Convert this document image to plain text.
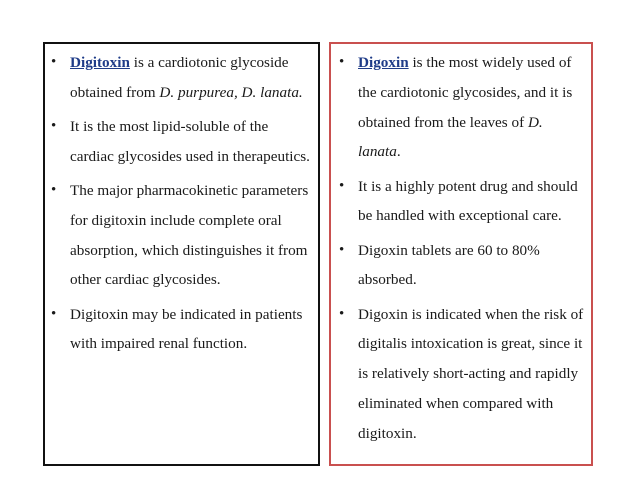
• Digitoxin is a cardiotonic glycoside obtained from D. purpurea, D. lanata.
• It is the most lipid-soluble of the cardiac glycosides used in therapeutics.
• The major pharmacokinetic parameters for digitoxin include complete oral absorption, which distinguishes it from other cardiac glycosides.
• Digitoxin may be indicated in patients with impaired renal function.
• Digoxin is the most widely used of the cardiotonic glycosides, and it is obtained from the leaves of D. lanata.
• It is a highly potent drug and should be handled with exceptional care.
• Digoxin tablets are 60 to 80% absorbed.
• Digoxin is indicated when the risk of digitalis intoxication is great, since it is relatively short-acting and rapidly eliminated when compared with digitoxin.
